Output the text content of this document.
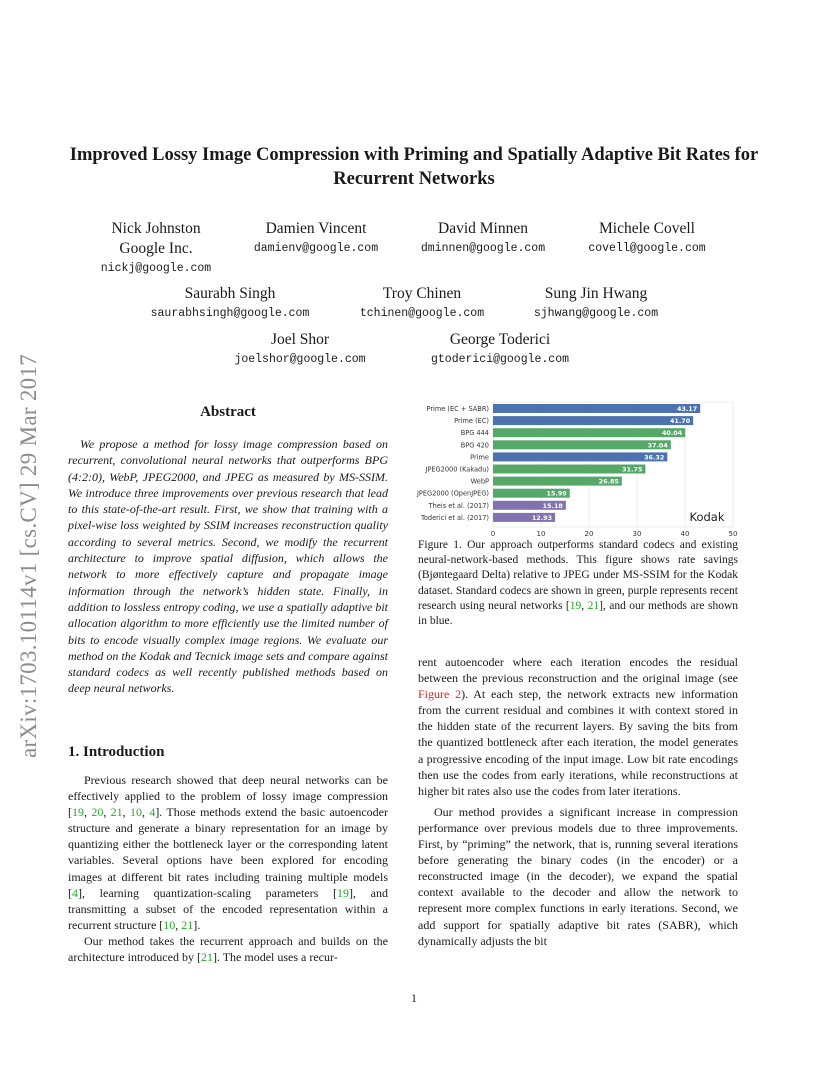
arXiv:1703.10114v1 [cs.CV] 29 Mar 2017
Improved Lossy Image Compression with Priming and Spatially Adaptive Bit Rates for Recurrent Networks
Nick Johnston
Google Inc.
nickj@google.com
Damien Vincent
damienv@google.com
David Minnen
dminnen@google.com
Michele Covell
covell@google.com
Saurabh Singh
saurabhsingh@google.com
Troy Chinen
tchinen@google.com
Sung Jin Hwang
sjhwang@google.com
Joel Shor
joelshor@google.com
George Toderici
gtoderici@google.com
Abstract

We propose a method for lossy image compression based on recurrent, convolutional neural networks that outperforms BPG (4:2:0), WebP, JPEG2000, and JPEG as measured by MS-SSIM. We introduce three improvements over previous research that lead to this state-of-the-art result. First, we show that training with a pixel-wise loss weighted by SSIM increases reconstruction quality according to several metrics. Second, we modify the recurrent architecture to improve spatial diffusion, which allows the network to more effectively capture and propagate image information through the network’s hidden state. Finally, in addition to lossless entropy coding, we use a spatially adaptive bit allocation algorithm to more efficiently use the limited number of bits to encode visually complex image regions. We evaluate our method on the Kodak and Tecnick image sets and compare against standard codecs as well recently published methods based on deep neural networks.

1. Introduction

Previous research showed that deep neural networks can be effectively applied to the problem of lossy image compression [19, 20, 21, 10, 4]. Those methods extend the basic autoencoder structure and generate a binary representation for an image by quantizing either the bottleneck layer or the corresponding latent variables. Several options have been explored for encoding images at different bit rates including training multiple models [4], learning quantization-scaling parameters [19], and transmitting a subset of the encoded representation within a recurrent structure [10, 21].

Our method takes the recurrent approach and builds on the architecture introduced by [21]. The model uses a recur-

rent autoencoder where each iteration encodes the residual between the previous reconstruction and the original image (see Figure 2). At each step, the network extracts new information from the current residual and combines it with context stored in the hidden state of the recurrent layers. By saving the bits from the quantized bottleneck after each iteration, the model generates a progressive encoding of the input image. Low bit rate encodings then use the codes from early iterations, while reconstructions at higher bit rates also use the codes from later iterations.

Our method provides a significant increase in compression performance over previous models due to three improvements. First, by “priming” the network, that is, running several iterations before generating the binary codes (in the encoder) or a reconstructed image (in the decoder), we expand the spatial context available to the decoder and allow the network to represent more complex functions in early iterations. Second, we add support for spatially adaptive bit rates (SABR), which dynamically adjusts the bit

0	10	20	30	40	50
Prime (EC + SABR)	43.17
Prime (EC)	41.70
BPG 444	40.04
BPG 420	37.04
Prime	36.32
JPEG2000 (Kakadu)	31.75
WebP	26.85
JPEG2000 (OpenJPEG)	15.99
Theis et al. (2017)	15.18
Toderici et al. (2017)	12.93	Kodak
Figure 1. Our approach outperforms standard codecs and existing neural-network-based methods. This figure shows rate savings (Bjøntegaard Delta) relative to JPEG under MS-SSIM for the Kodak dataset. Standard codecs are shown in green, purple represents recent research using neural networks [19, 21], and our methods are shown in blue.
1
